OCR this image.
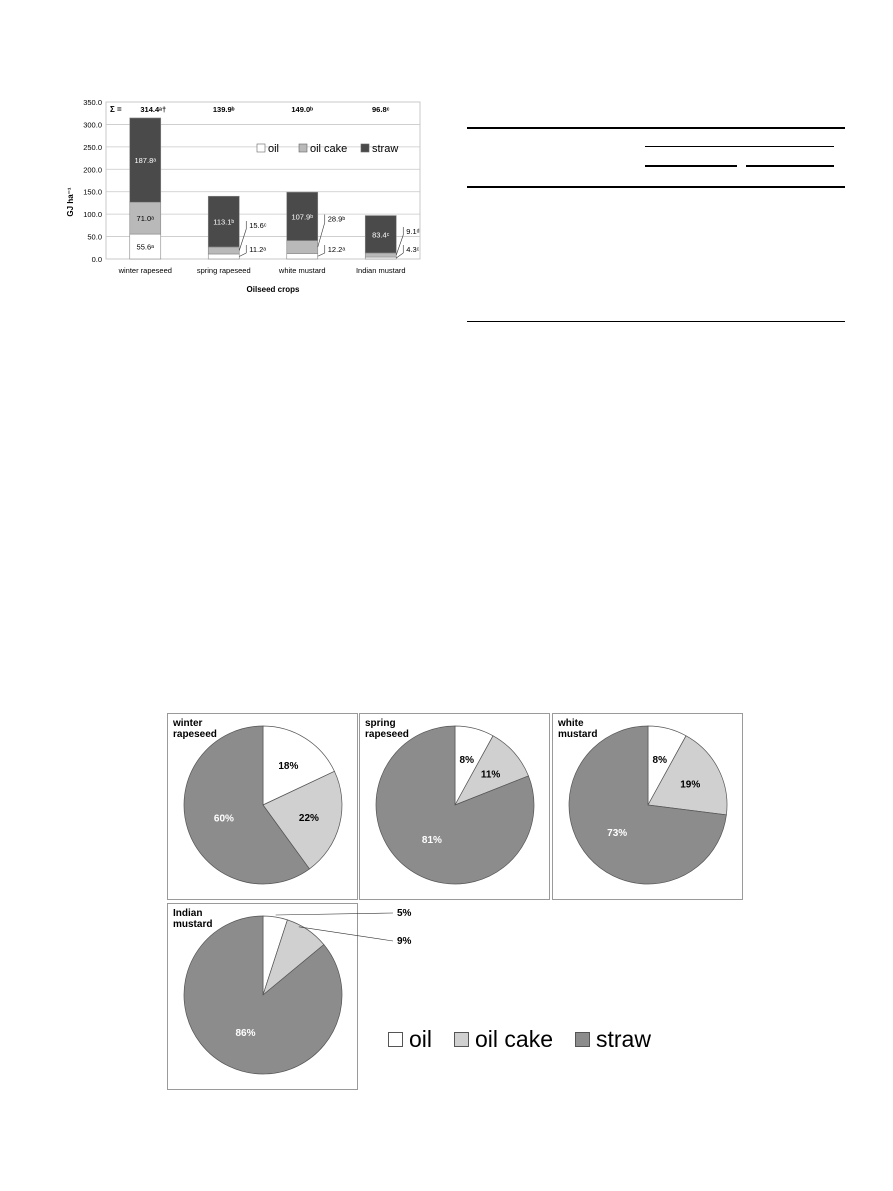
0.0
50.0
100.0
150.0
200.0
250.0
300.0
350.0
55.6ᵃ
71.0ᵃ
187.8ᵃ
314.4ᵃ†
113.1ᵇ 15.6ᶜ
11.2ᵃ
139.9ᵇ
107.9ᵇ 28.9ᵇ
12.2ᵃ
149.0ᵇ
83.4ᶜ 9.1ᵈ
4.3ᶜ
96.8ᶜ
Σ =
winter rapeseed	spring rapeseed	white mustard	Indian mustard
GJ ha⁻¹
Oilseed crops
oil	oil cake straw
winter
rapeseed
18%
22%
60%
spring
rapeseed
8%
11%
81%
white
mustard
8%
19%
73%
Indian
mustard
5%
9%
86%	oil oil cake straw
